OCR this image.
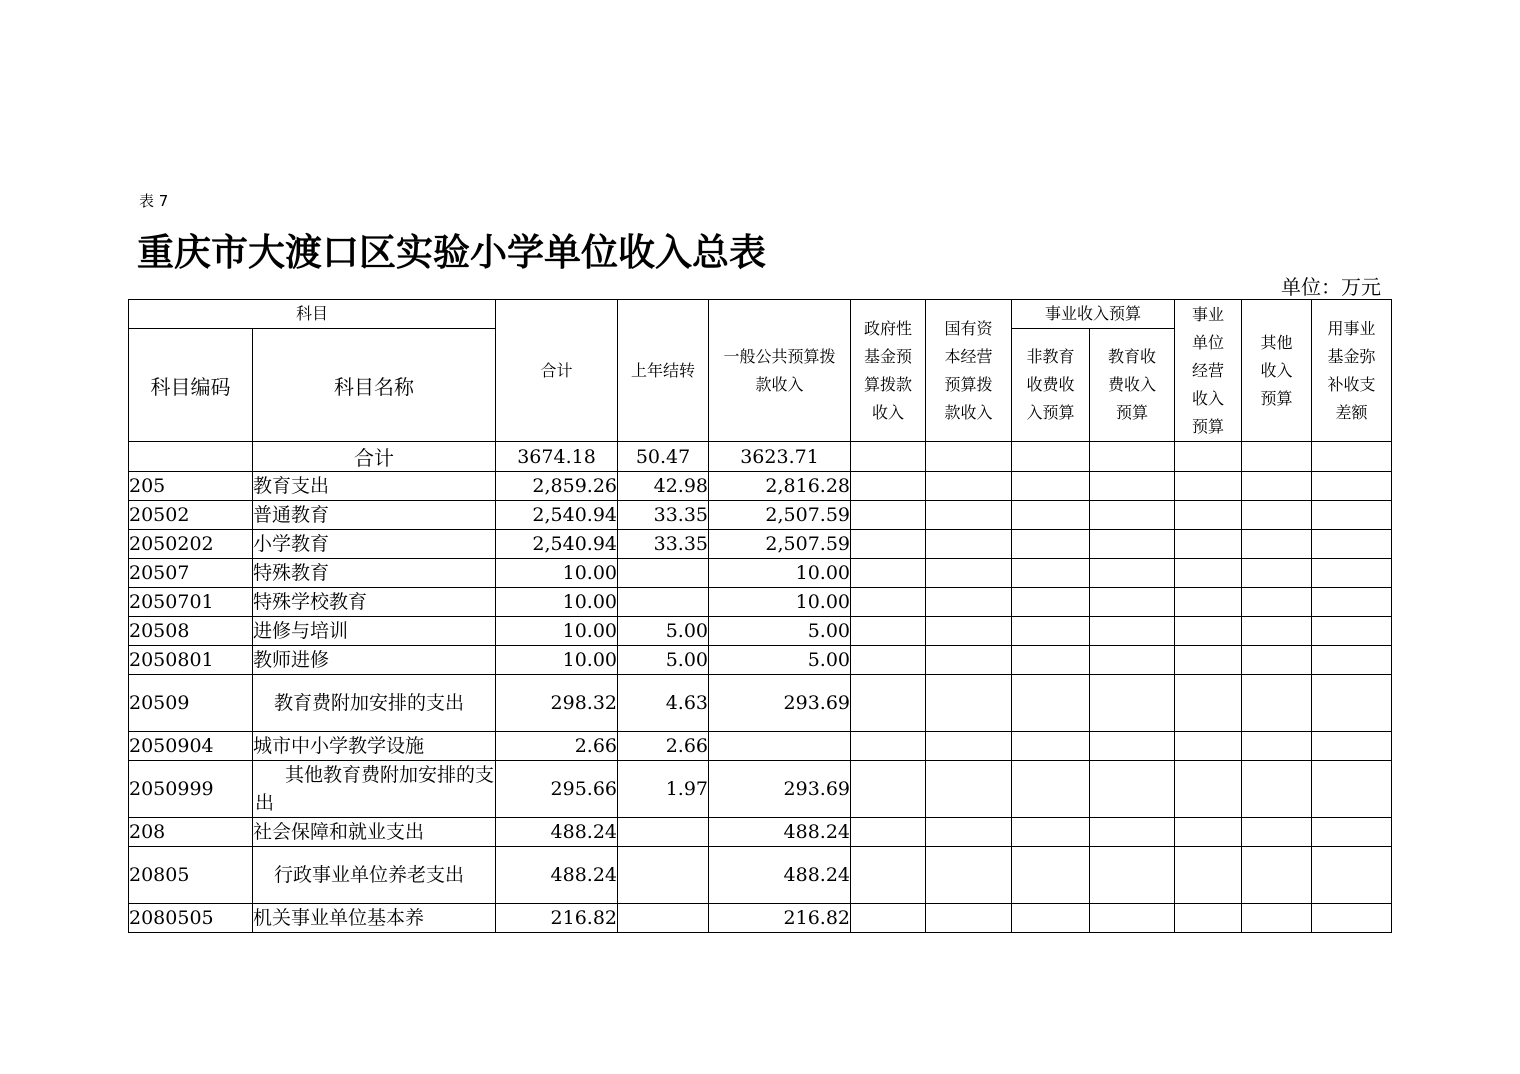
表 7
重庆市大渡口区实验小学单位收入总表
单位：万元
科目		合计	上年结转	一般公共预算拨款收入	政府性基金预算拨款收入	国有资本经营预算拨款收入	事业收入预算		事业单位经营收入预算	其他收入预算	用事业基金弥补收支差额

科目编码	科目名称						非教育收费收入预算	教育收费收入预算			

	合计	3674.18	50.47	3623.71							
205	教育支出	2,859.26	42.98	2,816.28							
20502	普通教育	2,540.94	33.35	2,507.59							
2050202	小学教育	2,540.94	33.35	2,507.59							
20507	特殊教育	10.00		10.00							
2050701	特殊学校教育	10.00		10.00							
20508	进修与培训	10.00	5.00	5.00							
2050801	教师进修	10.00	5.00	5.00							
20509	教育费附加安排的支出	298.32	4.63	293.69							
2050904	城市中小学教学设施	2.66	2.66								
2050999	其他教育费附加安排的支出	295.66	1.97	293.69							
208	社会保障和就业支出	488.24		488.24							
20805	行政事业单位养老支出	488.24		488.24							
2080505	机关事业单位基本养	216.82		216.82							
